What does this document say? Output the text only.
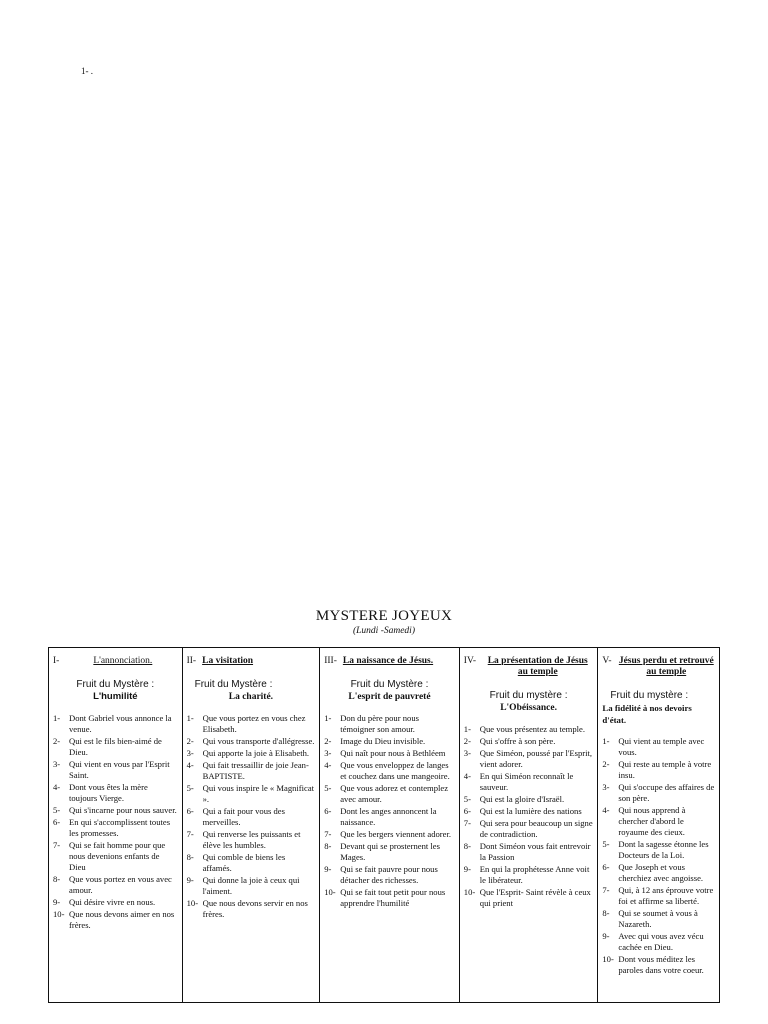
1- .
MYSTERE JOYEUX
(Lundi -Samedi)
I-	L'annonciation.
Fruit du Mystère :
L'humilité
1-	Dont Gabriel vous annonce la venue.
2-	Qui est le fils bien-aimé de Dieu.
3-	Qui vient en vous par l'Esprit Saint.
4-	Dont vous êtes la mère toujours Vierge.
5-	Qui s'incarne pour nous sauver.
6-	En qui s'accomplissent toutes les promesses.
7-	Qui se fait homme pour que nous devenions enfants de Dieu
8-	Que vous portez en vous avec amour.
9-	Qui désire vivre en nous.
10- Que nous devons aimer en nos frères.
II- La visitation
Fruit du Mystère :
La charité.
1-	Que vous portez en vous chez Elisabeth.
2-	Qui vous transporte d'allégresse.
3-	Qui apporte la joie à Elisabeth.
4-	Qui fait tressaillir de joie Jean-BAPTISTE.
5-	Qui vous inspire le « Magnificat ».
6-	Qui a fait pour vous des merveilles.
7-	Qui renverse les puissants et élève les humbles.
8-	Qui comble de biens les affamés.
9-	Qui donne la joie à ceux qui l'aiment.
10- Que nous devons servir en nos frères.
III- La naissance de Jésus.
Fruit du Mystère :
L'esprit de pauvreté
1-	Don du père pour nous témoigner son amour.
2-	Image du Dieu invisible.
3-	Qui naît pour nous à Bethléem
4-	Que vous enveloppez de langes et couchez dans une mangeoire.
5-	Que vous adorez et contemplez avec amour.
6-	Dont les anges annoncent la naissance.
7-	Que les bergers viennent adorer.
8-	Devant qui se prosternent les Mages.
9-	Qui se fait pauvre pour nous détacher des richesses.
10- Qui se fait tout petit pour nous apprendre l'humilité
IV-	La présentation de Jésus au temple
Fruit du mystère :
L'Obéissance.
1-	Que vous présentez au temple.
2-	Qui s'offre à son père.
3-	Que Siméon, poussé par l'Esprit, vient adorer.
4-	En qui Siméon reconnaît le sauveur.
5-	Qui est la gloire d'Israël.
6-	Qui est la lumière des nations
7-	Qui sera pour beaucoup un signe de contradiction.
8-	Dont Siméon vous fait entrevoir la Passion
9-	En qui la prophétesse Anne voit le libérateur.
10- Que l'Esprit- Saint révèle à ceux qui prient
V- Jésus perdu et retrouvé au temple
Fruit du mystère :
La fidélité à nos devoirs d'état.
1-	Qui vient au temple avec vous.
2-	Qui reste au temple à votre insu.
3-	Qui s'occupe des affaires de son père.
4-	Qui nous apprend à chercher d'abord le royaume des cieux.
5-	Dont la sagesse étonne les Docteurs de la Loi.
6-	Que Joseph et vous cherchiez avec angoisse.
7-	Qui, à 12 ans éprouve votre foi et affirme sa liberté.
8-	Qui se soumet à vous à Nazareth.
9-	Avec qui vous avez vécu cachée en Dieu.
10- Dont vous méditez les paroles dans votre coeur.
